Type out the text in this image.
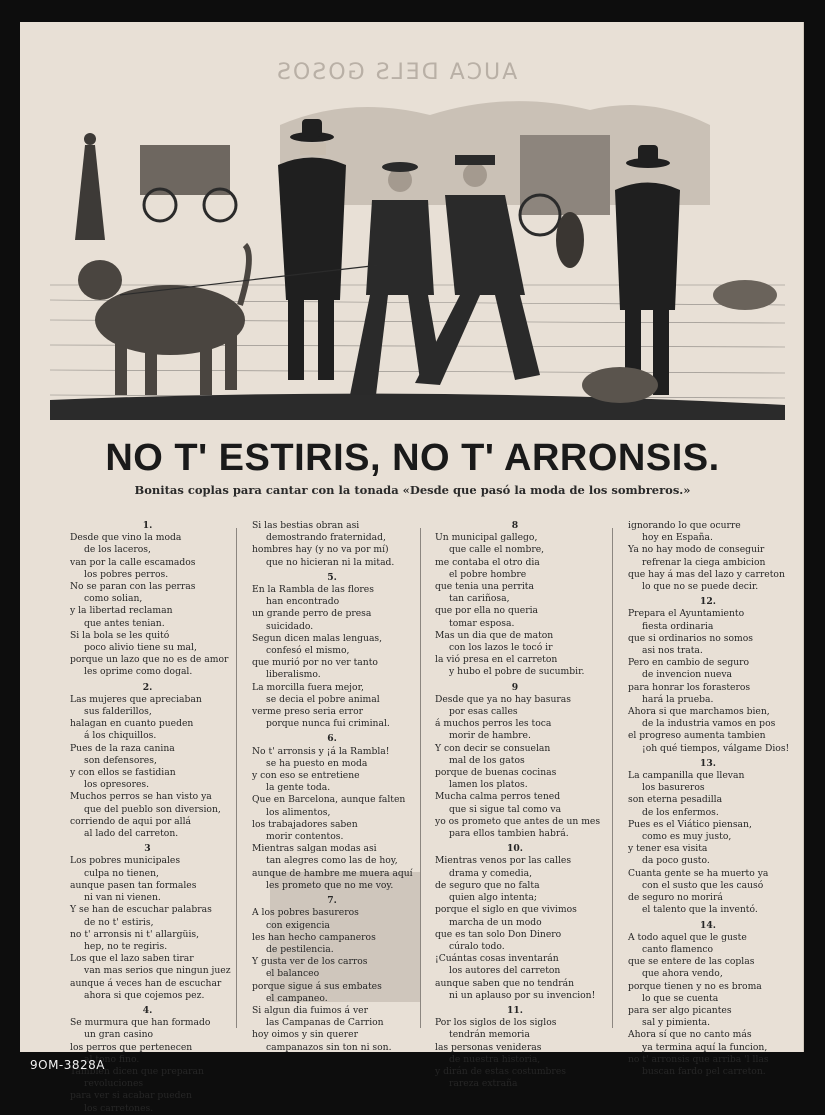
AUCA DELS GOSOS
NO T' ESTIRIS, NO T' ARRONSIS.
Bonitas coplas para cantar con la tonada «Desde que pasó la moda de los sombreros.»
1.
Desde que vino la moda
de los laceros,
van por la calle escamados
los pobres perros.
No se paran con las perras
como solian,
y la libertad reclaman
que antes tenian.
Si la bola se les quitó
poco alivio tiene su mal,
porque un lazo que no es de amor
les oprime como dogal.
2.
Las mujeres que apreciaban
sus falderillos,
halagan en cuanto pueden
á los chiquillos.
Pues de la raza canina
son defensores,
y con ellos se fastidian
los opresores.
Muchos perros se han visto ya
que del pueblo son diversion,
corriendo de aqui por allá
al lado del carreton.
3
Los pobres municipales
culpa no tienen,
aunque pasen tan formales
ni van ni vienen.
Y se han de escuchar palabras
de no t' estiris,
no t' arronsis ni t' allargüis,
hep, no te regiris.
Los que el lazo saben tirar
van mas serios que ningun juez
aunque á veces han de escuchar
ahora si que cojemos pez.
4.
Se murmura que han formado
un gran casino
los perros que pertenecen
al tono fino.
Tambien dicen que preparan
revoluciones
para ver si acabar pueden
los carretones.
Si las bestias obran asi
demostrando fraternidad,
hombres hay (y no va por mí)
que no hicieran ni la mitad.
5.
En la Rambla de las flores
han encontrado
un grande perro de presa
suicidado.
Segun dicen malas lenguas,
confesó el mismo,
que murió por no ver tanto
liberalismo.
La morcilla fuera mejor,
se decia el pobre animal
verme preso seria error
porque nunca fui criminal.
6.
No t' arronsis y ¡á la Rambla!
se ha puesto en moda
y con eso se entretiene
la gente toda.
Que en Barcelona, aunque falten
los alimentos,
los trabajadores saben
morir contentos.
Mientras salgan modas asi
tan alegres como las de hoy,
aunque de hambre me muera aquí
les prometo que no me voy.
7.
A los pobres basureros
con exigencia
les han hecho campaneros
de pestilencia.
Y gusta ver de los carros
el balanceo
porque sigue á sus embates
el campaneo.
Si algun dia fuimos á ver
las Campanas de Carrion
hoy oimos y sin querer
campanazos sin ton ni son.
8
Un municipal gallego,
que calle el nombre,
me contaba el otro dia
el pobre hombre
que tenia una perrita
tan cariñosa,
que por ella no queria
tomar esposa.
Mas un dia que de maton
con los lazos le tocó ir
la vió presa en el carreton
y hubo el pobre de sucumbir.
9
Desde que ya no hay basuras
por esas calles
á muchos perros les toca
morir de hambre.
Y con decir se consuelan
mal de los gatos
porque de buenas cocinas
lamen los platos.
Mucha calma perros tened
que si sigue tal como va
yo os prometo que antes de un mes
para ellos tambien habrá.
10.
Mientras venos por las calles
drama y comedia,
de seguro que no falta
quien algo intenta;
porque el siglo en que vivimos
marcha de un modo
que es tan solo Don Dinero
cúralo todo.
¡Cuántas cosas inventarán
los autores del carreton
aunque saben que no tendrán
ni un aplauso por su invencion!
11.
Por los siglos de los siglos
tendrán memoria
las personas venideras
de nuestra historia,
y dirán de estas costumbres
rareza extraña
ignorando lo que ocurre
hoy en España.
Ya no hay modo de conseguir
refrenar la ciega ambicion
que hay á mas del lazo y carreton
lo que no se puede decir.
12.
Prepara el Ayuntamiento
fiesta ordinaria
que si ordinarios no somos
asi nos trata.
Pero en cambio de seguro
de invencion nueva
para honrar los forasteros
hará la prueba.
Ahora si que marchamos bien,
de la industria vamos en pos
el progreso aumenta tambien
¡oh qué tiempos, válgame Dios!
13.
La campanilla que llevan
los basureros
son eterna pesadilla
de los enfermos.
Pues es el Viático piensan,
como es muy justo,
y tener esa visita
da poco gusto.
Cuanta gente se ha muerto ya
con el susto que les causó
de seguro no morirá
el talento que la inventó.
14.
A todo aquel que le guste
canto flamenco
que se entere de las coplas
que ahora vendo,
porque tienen y no es broma
lo que se cuenta
para ser algo picantes
sal y pimienta.
Ahora sí que no canto más
ya termina aquí la funcion,
no t' arronsis que arriba 'l llas
buscan fardo pel carreton.
9OM-3828A
